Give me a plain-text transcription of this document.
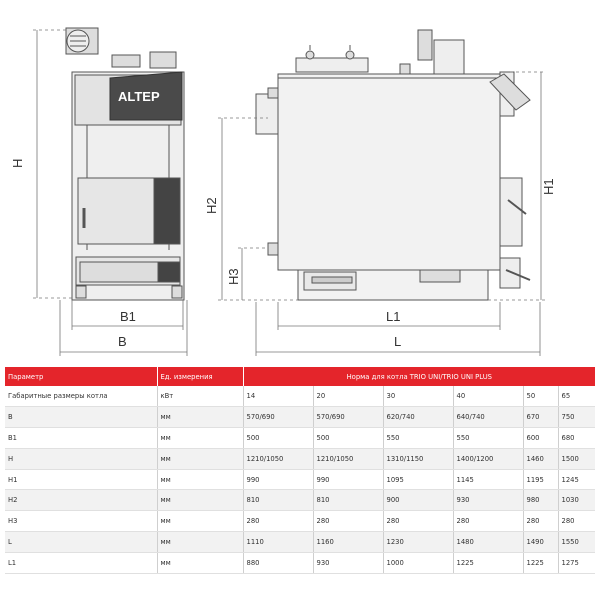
ALTEP
H
B1
B
H2
H3
L1
L
H1
Параметр	Ед. измерения	Норма для котла TRIO UNI/TRIO UNI PLUS					
Габаритные размеры котла	кВт	14	20	30	40	50	65
B	мм	570/690	570/690	620/740	640/740	670	750
B1	мм	500	500	550	550	600	680
H	мм	1210/1050	1210/1050	1310/1150	1400/1200	1460	1500
H1	мм	990	990	1095	1145	1195	1245
H2	мм	810	810	900	930	980	1030
H3	мм	280	280	280	280	280	280
L	мм	1110	1160	1230	1480	1490	1550
L1	мм	880	930	1000	1225	1225	1275
